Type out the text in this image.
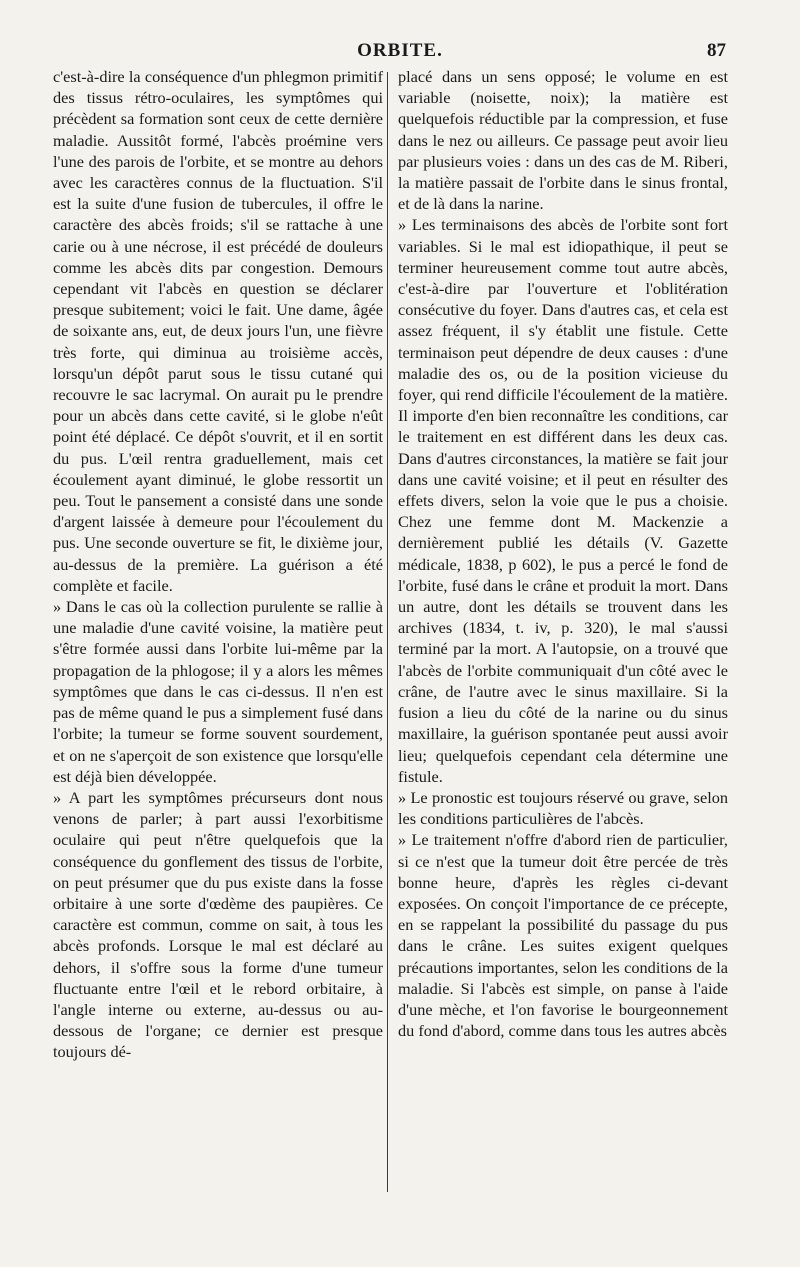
ORBITE.	87

c'est-à-dire la conséquence d'un phlegmon primitif des tissus rétro-oculaires, les symptômes qui précèdent sa formation sont ceux de cette dernière maladie. Aussitôt formé, l'abcès proémine vers l'une des parois de l'orbite, et se montre au dehors avec les caractères connus de la fluctuation. S'il est la suite d'une fusion de tubercules, il offre le caractère des abcès froids; s'il se rattache à une carie ou à une nécrose, il est précédé de douleurs comme les abcès dits par congestion. Demours cependant vit l'abcès en question se déclarer presque subitement; voici le fait. Une dame, âgée de soixante ans, eut, de deux jours l'un, une fièvre très forte, qui diminua au troisième accès, lorsqu'un dépôt parut sous le tissu cutané qui recouvre le sac lacrymal. On aurait pu le prendre pour un abcès dans cette cavité, si le globe n'eût point été déplacé. Ce dépôt s'ouvrit, et il en sortit du pus. L'œil rentra graduellement, mais cet écoulement ayant diminué, le globe ressortit un peu. Tout le pansement a consisté dans une sonde d'argent laissée à demeure pour l'écoulement du pus. Une seconde ouverture se fit, le dixième jour, au-dessus de la première. La guérison a été complète et facile.

» Dans le cas où la collection purulente se rallie à une maladie d'une cavité voisine, la matière peut s'être formée aussi dans l'orbite lui-même par la propagation de la phlogose; il y a alors les mêmes symptômes que dans le cas ci-dessus. Il n'en est pas de même quand le pus a simplement fusé dans l'orbite; la tumeur se forme souvent sourdement, et on ne s'aperçoit de son existence que lorsqu'elle est déjà bien développée.

» A part les symptômes précurseurs dont nous venons de parler; à part aussi l'exorbitisme oculaire qui peut n'être quelquefois que la conséquence du gonflement des tissus de l'orbite, on peut présumer que du pus existe dans la fosse orbitaire à une sorte d'œdème des paupières. Ce caractère est commun, comme on sait, à tous les abcès profonds. Lorsque le mal est déclaré au dehors, il s'offre sous la forme d'une tumeur fluctuante entre l'œil et le rebord orbitaire, à l'angle interne ou externe, au-dessus ou au-dessous de l'organe; ce dernier est presque toujours dé-

placé dans un sens opposé; le volume en est variable (noisette, noix); la matière est quelquefois réductible par la compression, et fuse dans le nez ou ailleurs. Ce passage peut avoir lieu par plusieurs voies : dans un des cas de M. Riberi, la matière passait de l'orbite dans le sinus frontal, et de là dans la narine.

» Les terminaisons des abcès de l'orbite sont fort variables. Si le mal est idiopathique, il peut se terminer heureusement comme tout autre abcès, c'est-à-dire par l'ouverture et l'oblitération consécutive du foyer. Dans d'autres cas, et cela est assez fréquent, il s'y établit une fistule. Cette terminaison peut dépendre de deux causes : d'une maladie des os, ou de la position vicieuse du foyer, qui rend difficile l'écoulement de la matière. Il importe d'en bien reconnaître les conditions, car le traitement en est différent dans les deux cas. Dans d'autres circonstances, la matière se fait jour dans une cavité voisine; et il peut en résulter des effets divers, selon la voie que le pus a choisie. Chez une femme dont M. Mackenzie a dernièrement publié les détails (V. Gazette médicale, 1838, p 602), le pus a percé le fond de l'orbite, fusé dans le crâne et produit la mort. Dans un autre, dont les détails se trouvent dans les archives (1834, t. iv, p. 320), le mal s'aussi terminé par la mort. A l'autopsie, on a trouvé que l'abcès de l'orbite communiquait d'un côté avec le crâne, de l'autre avec le sinus maxillaire. Si la fusion a lieu du côté de la narine ou du sinus maxillaire, la guérison spontanée peut aussi avoir lieu; quelquefois cependant cela détermine une fistule.

» Le pronostic est toujours réservé ou grave, selon les conditions particulières de l'abcès.

» Le traitement n'offre d'abord rien de particulier, si ce n'est que la tumeur doit être percée de très bonne heure, d'après les règles ci-devant exposées. On conçoit l'importance de ce précepte, en se rappelant la possibilité du passage du pus dans le crâne. Les suites exigent quelques précautions importantes, selon les conditions de la maladie. Si l'abcès est simple, on panse à l'aide d'une mèche, et l'on favorise le bourgeonnement du fond d'abord, comme dans tous les autres abcès
